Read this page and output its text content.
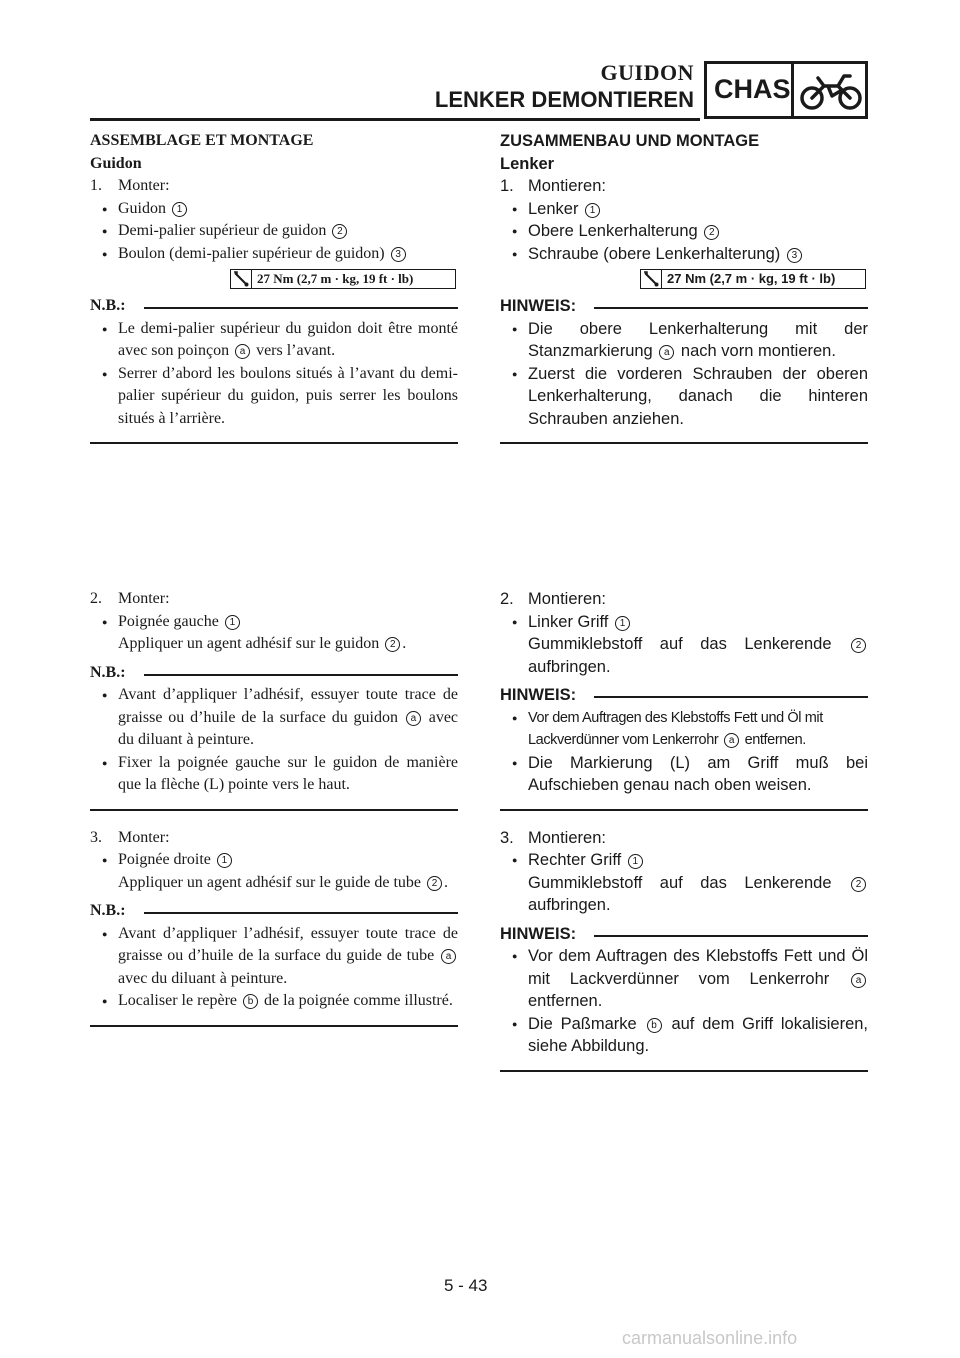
GUIDON
LENKER DEMONTIEREN CHAS
ASSEMBLAGE ET MONTAGE
Guidon
1.	Monter:
● Guidon 1
● Demi-palier supérieur de guidon 2
● Boulon (demi-palier supérieur de guidon) 3
27 Nm (2,7 m · kg, 19 ft · lb)
N.B.:
● Le demi-palier supérieur du guidon doit être monté avec son poinçon a vers l’avant.
● Serrer d’abord les boulons situés à l’avant du demi-palier supérieur du guidon, puis serrer les boulons situés à l’arrière.
ZUSAMMENBAU UND MONTAGE
Lenker
1. Montieren:
● Lenker 1
● Obere Lenkerhalterung 2
● Schraube (obere Lenkerhalterung) 3
27 Nm (2,7 m · kg, 19 ft · lb)
HINWEIS:
● Die obere Lenkerhalterung mit der Stanzmarkierung a nach vorn montieren.
● Zuerst die vorderen Schrauben der oberen Lenkerhalterung, danach die hinteren Schrauben anziehen.
2.	Monter:
● Poignée gauche 1
Appliquer un agent adhésif sur le guidon 2 .
N.B.:
● Avant d’appliquer l’adhésif, essuyer toute trace de graisse ou d’huile de la surface du guidon a avec du diluant à peinture.
● Fixer la poignée gauche sur le guidon de manière que la flèche (L) pointe vers le haut.
3.	Monter:
● Poignée droite 1
Appliquer un agent adhésif sur le guide de tube 2 .
N.B.:
● Avant d’appliquer l’adhésif, essuyer toute trace de graisse ou d’huile de la surface du guide de tube a avec du diluant à peinture.
● Localiser le repère b de la poignée comme illustré.
2. Montieren:
● Linker Griff 1
Gummiklebstoff auf das Lenkerende 2 aufbringen.
HINWEIS:
● Vor dem Auftragen des Klebstoffs Fett und Öl mit Lackverdünner vom Lenkerrohr a entfernen.
● Die Markierung (L) am Griff muß bei Aufschieben genau nach oben weisen.
3. Montieren:
● Rechter Griff 1
Gummiklebstoff auf das Lenkerende 2 aufbringen.
HINWEIS:
● Vor dem Auftragen des Klebstoffs Fett und Öl mit Lackverdünner vom Lenkerrohr	a entfernen.
● Die Paßmarke b auf dem Griff lokalisieren, siehe Abbildung.
5 - 43
carmanualsonline.info
